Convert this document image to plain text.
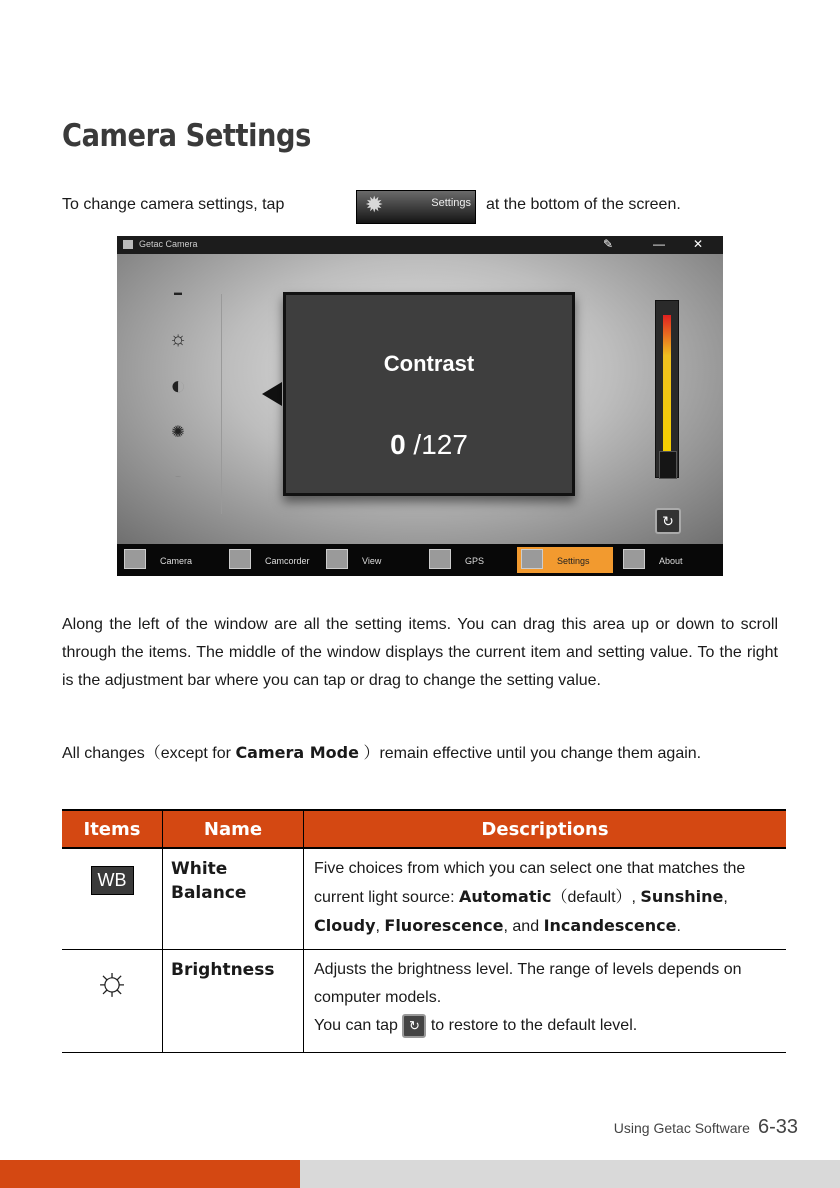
Camera Settings
To change camera settings, tap	✹	Settings at the bottom of the screen.
Getac Camera	✎	— ✕
▬
☼
◐
✺
~
Contrast
0 /127
↻
Camera	Camcorder	View	GPS	Settings	About
Along the left of the window are all the setting items. You can drag this area up or down to scroll through the items. The middle of the window displays the current item and setting value. To the right is the adjustment bar where you can tap or drag to change the setting value.
All changes（except for Camera Mode ）remain effective until you change them again.
Items	Name	Descriptions
WB	White Balance	Five choices from which you can select one that matches the current light source: Automatic（default）, Sunshine, Cloudy, Fluorescence, and Incandescence.
☼	Brightness	Adjusts the brightness level. The range of levels depends on computer models.
You can tap ↻ to restore to the default level.
Using Getac Software 6-33
